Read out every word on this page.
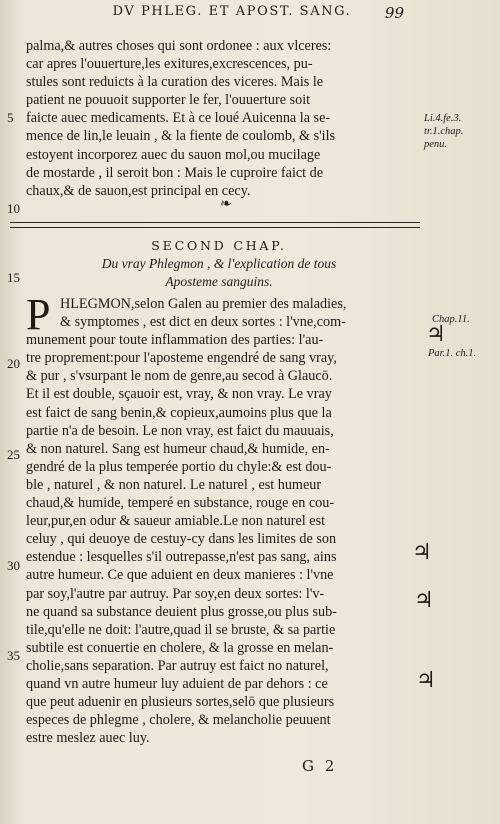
DV PHLEG. ET APOST. SANG.	99
palma,& autres choses qui sont ordonee : aux vlceres:
car apres l'ouuerture,les exitures,excrescences, pu-
stules sont reduicts à la curation des viceres. Mais le
patient ne pouuoit supporter le fer, l'ouuerture soit
faicte auec medicaments. Et à ce loué Auicenna la se-
mence de lin,le leuain , & la fiente de coulomb, & s'ils
estoyent incorporez auec du sauon mol,ou mucilage
de mostarde , il seroit bon : Mais le cuproire faict de
chaux,& de sauon,est principal en cecy.
5
10	❧
Li.4.fe.3.
tr.1.chap.
penu.
SECOND CHAP.
Du vray Phlegmon , & l'explication de tous
Aposteme sanguins.
15
P HLEGMON,selon Galen au premier des maladies,
& symptomes , est dict en deux sortes : l'vne,com-
munement pour toute inflammation des parties: l'au-
tre proprement:pour l'aposteme engendré de sang vray,
& pur , s'vsurpant le nom de genre,au secod à Glaucō.
Et il est double, sçauoir est, vray, & non vray. Le vray
est faict de sang benin,& copieux,aumoins plus que la
partie n'a de besoin. Le non vray, est faict du mauuais,
& non naturel. Sang est humeur chaud,& humide, en-
gendré de la plus temperée portio du chyle:& est dou-
ble , naturel , & non naturel. Le naturel , est humeur
chaud,& humide, temperé en substance, rouge en cou-
leur,pur,en odur & saueur amiable.Le non naturel est
celuy , qui deuoye de cestuy-cy dans les limites de son
estendue : lesquelles s'il outrepasse,n'est pas sang, ains
autre humeur. Ce que aduient en deux manieres : l'vne
par soy,l'autre par autruy. Par soy,en deux sortes: l'v-
ne quand sa substance deuient plus grosse,ou plus sub-
tile,qu'elle ne doit: l'autre,quad il se bruste, & sa partie
subtile est conuertie en cholere, & la grosse en melan-
cholie,sans separation. Par autruy est faict no naturel,
quand vn autre humeur luy aduient de par dehors : ce
que peut aduenir en plusieurs sortes,selō que plusieurs
especes de phlegme , cholere, & melancholie peuuent
estre meslez auec luy.
20
25
30
35
Chap.11.
Par.1. ch.1.
♃
♃
♃
♃
G 2
